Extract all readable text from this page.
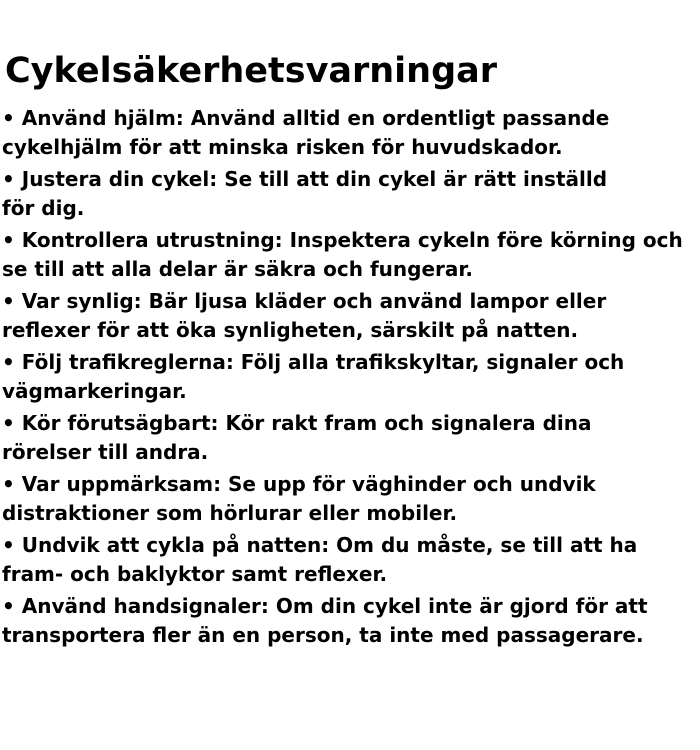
Cykelsäkerhetsvarningar

• Använd hjälm: Använd alltid en ordentligt passande
cykelhjälm för att minska risken för huvudskador.

• Justera din cykel: Se till att din cykel är rätt inställd
för dig.

• Kontrollera utrustning: Inspektera cykeln före körning och
se till att alla delar är säkra och fungerar.

• Var synlig: Bär ljusa kläder och använd lampor eller
reflexer för att öka synligheten, särskilt på natten.

• Följ trafikreglerna: Följ alla trafikskyltar, signaler och
vägmarkeringar.

• Kör förutsägbart: Kör rakt fram och signalera dina
rörelser till andra.

• Var uppmärksam: Se upp för väghinder och undvik
distraktioner som hörlurar eller mobiler.

• Undvik att cykla på natten: Om du måste, se till att ha
fram- och baklyktor samt reflexer.

• Använd handsignaler: Om din cykel inte är gjord för att
transportera fler än en person, ta inte med passagerare.
